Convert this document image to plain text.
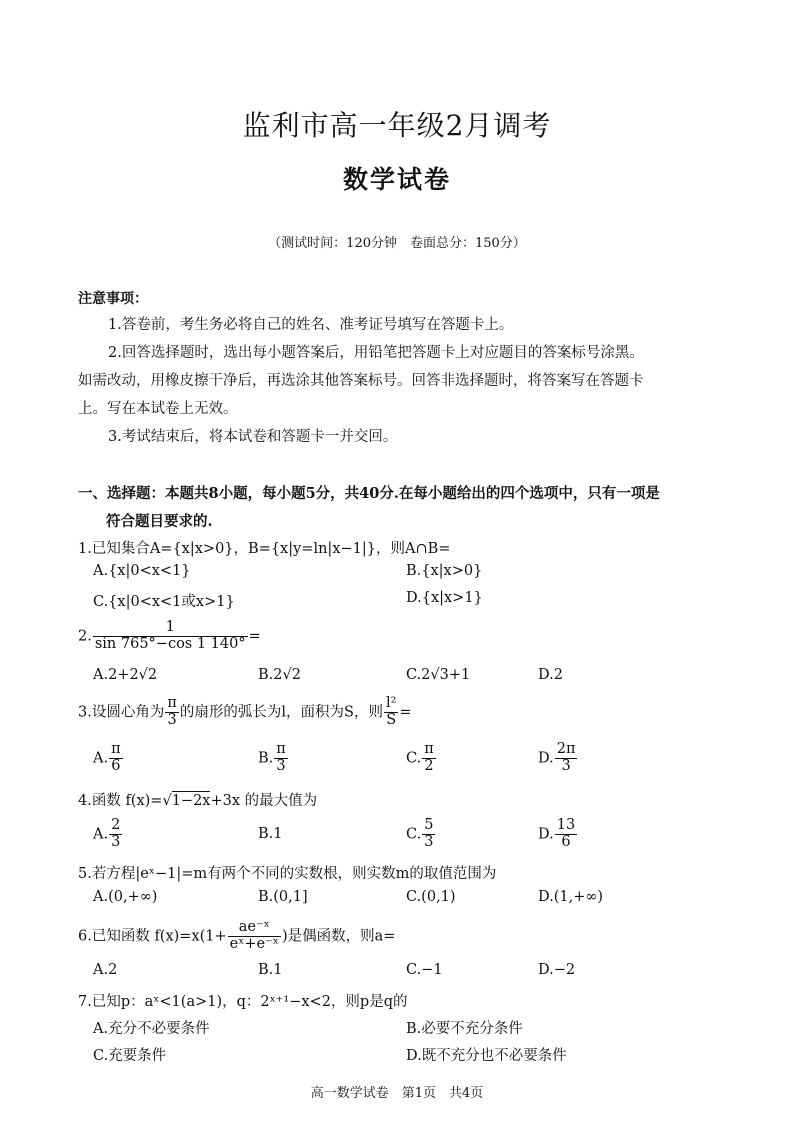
监利市高一年级2月调考
数学试卷
（测试时间：120分钟　卷面总分：150分）
注意事项：
1.答卷前，考生务必将自己的姓名、准考证号填写在答题卡上。
2.回答选择题时，选出每小题答案后，用铅笔把答题卡上对应题目的答案标号涂黑。
如需改动，用橡皮擦干净后，再选涂其他答案标号。回答非选择题时，将答案写在答题卡
上。写在本试卷上无效。
3.考试结束后，将本试卷和答题卡一并交回。
一、选择题：本题共8小题，每小题5分，共40分.在每小题给出的四个选项中，只有一项是
符合题目要求的.
1.已知集合A={x|x>0}，B={x|y=ln|x−1|}，则A∩B=
A.{x|0<x<1}	B.{x|x>0}
C.{x|0<x<1或x>1}	D.{x|x>1}
2. $\frac{1}{\sin 765^\circ-\cos 1 140^\circ}$ =
A.2+2√2	B.2√2	C.2√3+1	D.2
3.设圆心角为 $\frac{\pi}{3}$ 的扇形的弧长为l，面积为S，则 $\frac{\text{l²}}{S}$ =
A. $\frac{\pi}{6}$	B. $\frac{\pi}{3}$	C. $\frac{\pi}{2}$	D. $\frac{2\pi}{3}$
4.函数 f(x)=√1−2x+3x 的最大值为
A. $\frac{2}{3}$	B.1	C. $\frac{5}{3}$	D. $\frac{13}{6}$
5.若方程|eˣ−1|=m有两个不同的实数根，则实数m的取值范围为
A.(0,+∞)	B.(0,1]	C.(0,1)	D.(1,+∞)
6.已知函数 $f(x)=x(1+ \frac{\text{ae⁻ˣ}}{\text{eˣ+e⁻ˣ}}$ )是偶函数，则a=
A.2	B.1	C.−1	D.−2
7.已知p：aˣ<1(a>1)，q：2ˣ⁺¹−x<2，则p是q的
A.充分不必要条件	B.必要不充分条件
C.充要条件	D.既不充分也不必要条件
高一数学试卷　第1页　共4页
